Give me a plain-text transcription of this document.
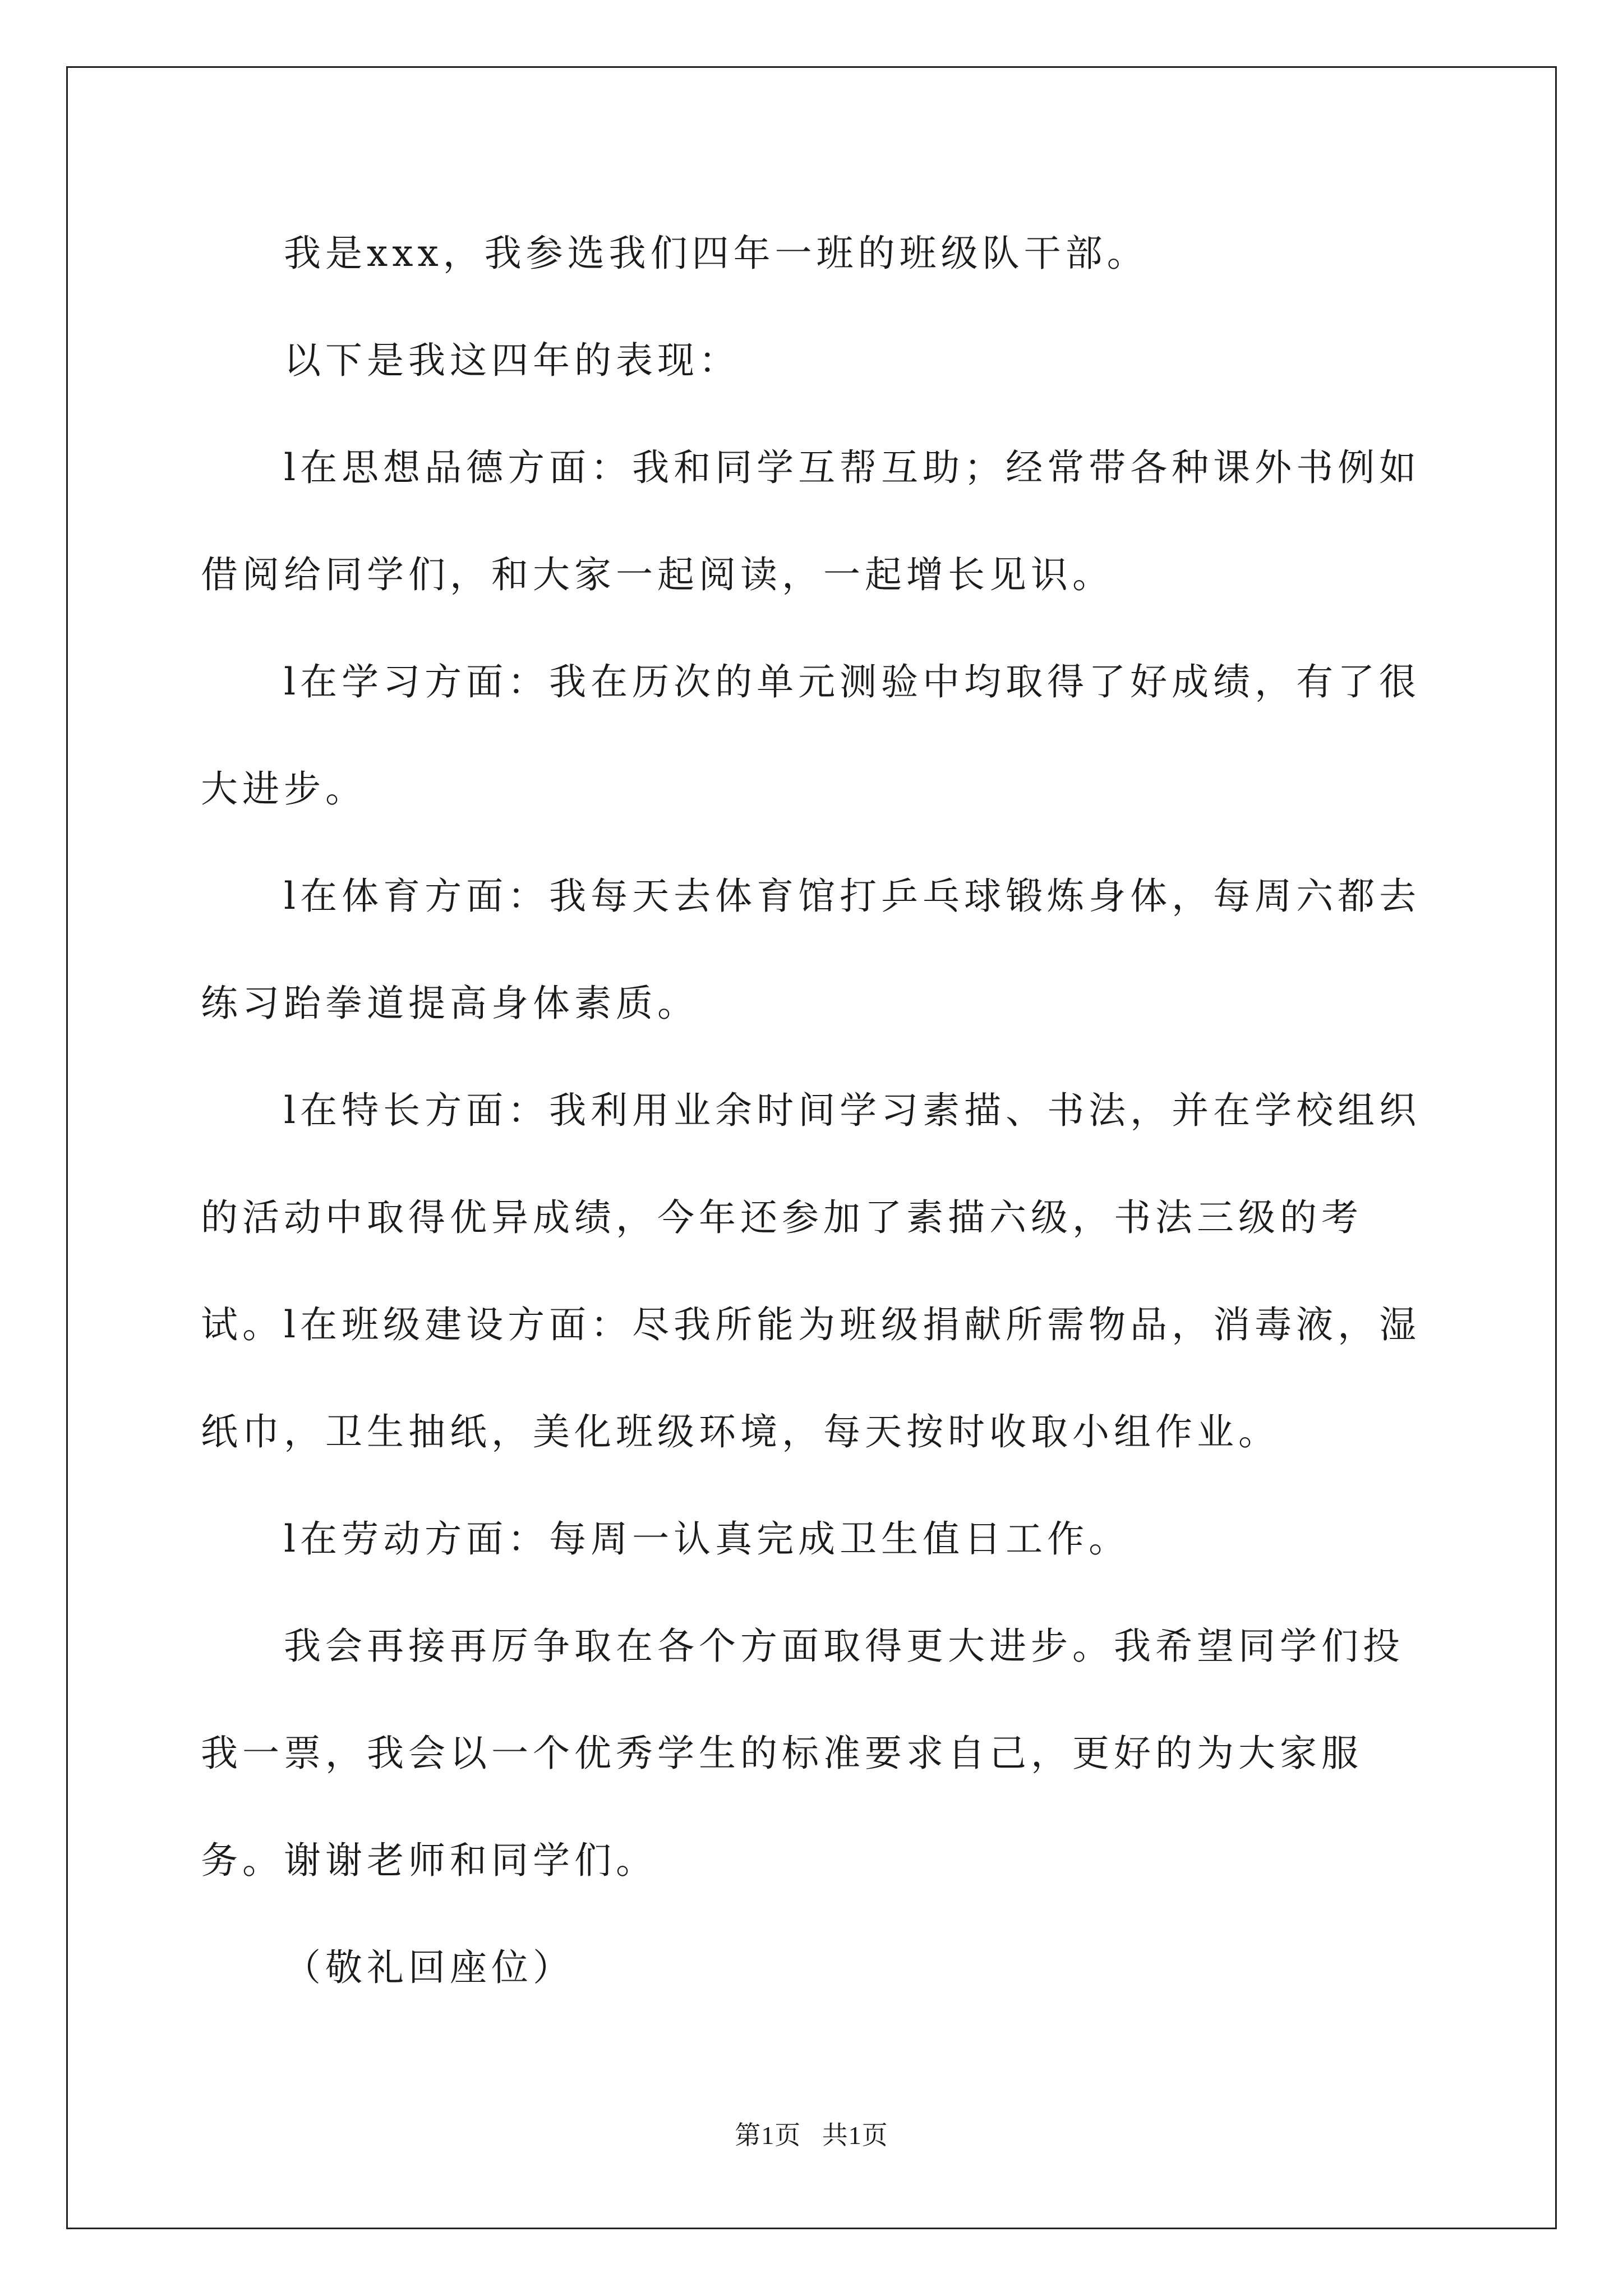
我是xxx，我参选我们四年一班的班级队干部。

以下是我这四年的表现：

l在思想品德方面：我和同学互帮互助；经常带各种课外书例如借阅给同学们，和大家一起阅读，一起增长见识。

l在学习方面：我在历次的单元测验中均取得了好成绩，有了很大进步。

l在体育方面：我每天去体育馆打乒乓球锻炼身体，每周六都去练习跆拳道提高身体素质。

l在特长方面：我利用业余时间学习素描、书法，并在学校组织的活动中取得优异成绩，今年还参加了素描六级，书法三级的考试。 l在班级建设方面：尽我所能为班级捐献所需物品，消毒液，湿纸巾，卫生抽纸，美化班级环境，每天按时收取小组作业。

l在劳动方面：每周一认真完成卫生值日工作。

我会再接再厉争取在各个方面取得更大进步。我希望同学们投我一票，我会以一个优秀学生的标准要求自己，更好的为大家服务。谢谢老师和同学们。

（敬礼回座位）

第1页 共1页
